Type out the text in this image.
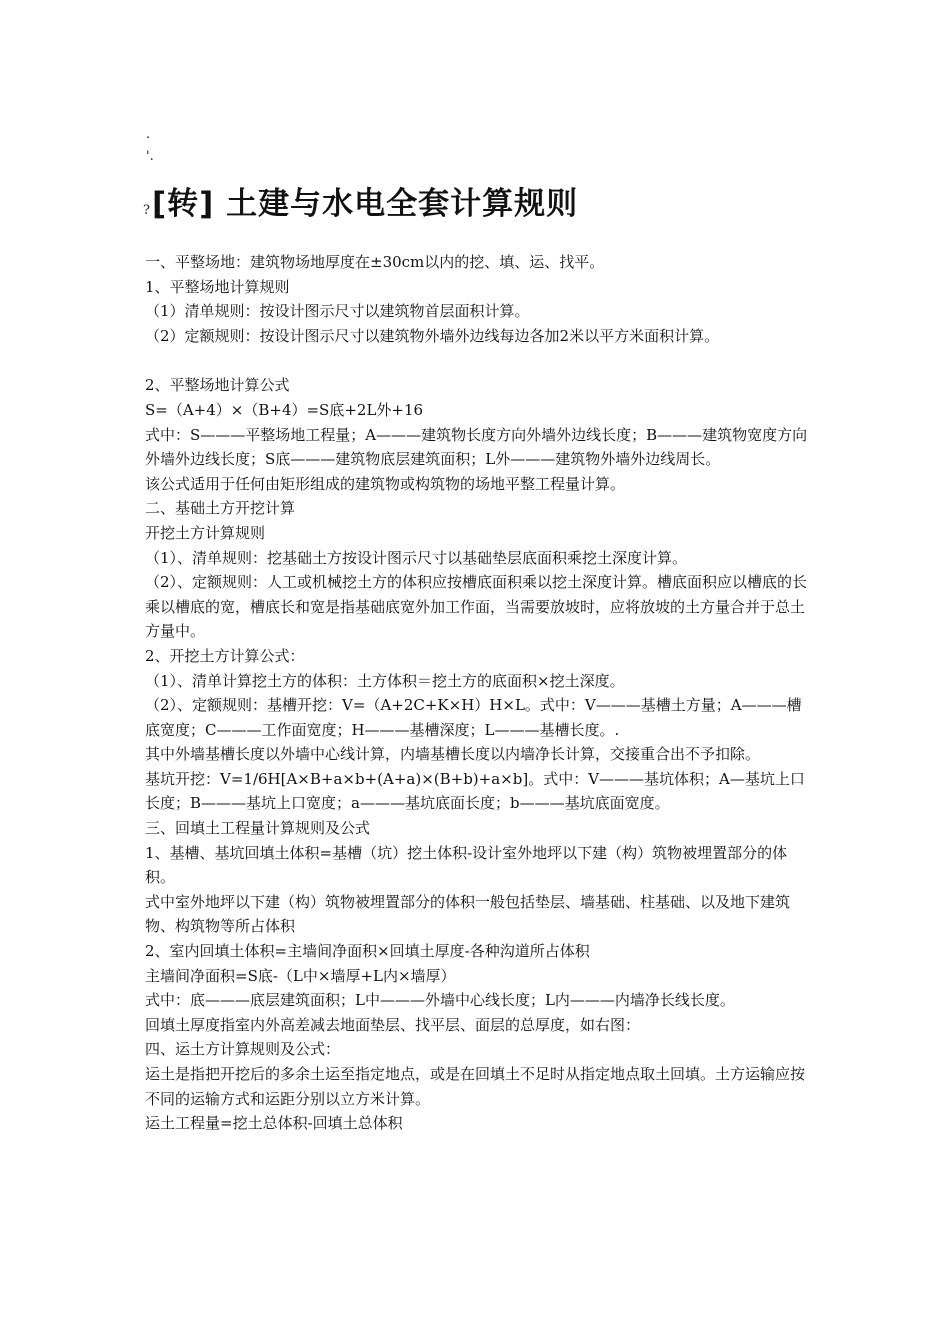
.
'.
?[转] 土建与水电全套计算规则

一、平整场地：建筑物场地厚度在±30cm以内的挖、填、运、找平。

1、平整场地计算规则

（1）清单规则：按设计图示尺寸以建筑物首层面积计算。

（2）定额规则：按设计图示尺寸以建筑物外墙外边线每边各加2米以平方米面积计算。

2、平整场地计算公式

S=（A+4）×（B+4）=S底+2L外+16

式中：S———平整场地工程量；A———建筑物长度方向外墙外边线长度；B———建筑物宽度方向外墙外边线长度；S底———建筑物底层建筑面积；L外———建筑物外墙外边线周长。

该公式适用于任何由矩形组成的建筑物或构筑物的场地平整工程量计算。

二、基础土方开挖计算

开挖土方计算规则

（1）、清单规则：挖基础土方按设计图示尺寸以基础垫层底面积乘挖土深度计算。

（2）、定额规则：人工或机械挖土方的体积应按槽底面积乘以挖土深度计算。槽底面积应以槽底的长乘以槽底的宽，槽底长和宽是指基础底宽外加工作面，当需要放坡时，应将放坡的土方量合并于总土方量中。

2、开挖土方计算公式：

（1）、清单计算挖土方的体积：土方体积＝挖土方的底面积×挖土深度。

（2）、定额规则：基槽开挖：V=（A+2C+K×H）H×L。式中：V———基槽土方量；A———槽底宽度；C———工作面宽度；H———基槽深度；L———基槽长度。.

其中外墙基槽长度以外墙中心线计算，内墙基槽长度以内墙净长计算，交接重合出不予扣除。

基坑开挖：V=1/6H[A×B+a×b+(A+a)×(B+b)+a×b]。式中：V———基坑体积；A—基坑上口长度；B———基坑上口宽度；a———基坑底面长度；b———基坑底面宽度。

三、回填土工程量计算规则及公式

1、基槽、基坑回填土体积=基槽（坑）挖土体积-设计室外地坪以下建（构）筑物被埋置部分的体积。

式中室外地坪以下建（构）筑物被埋置部分的体积一般包括垫层、墙基础、柱基础、以及地下建筑物、构筑物等所占体积

2、室内回填土体积=主墙间净面积×回填土厚度-各种沟道所占体积

主墙间净面积=S底-（L中×墙厚+L内×墙厚）

式中：底———底层建筑面积；L中———外墙中心线长度；L内———内墙净长线长度。

回填土厚度指室内外高差减去地面垫层、找平层、面层的总厚度，如右图：

四、运土方计算规则及公式：

运土是指把开挖后的多余土运至指定地点，或是在回填土不足时从指定地点取土回填。土方运输应按不同的运输方式和运距分别以立方米计算。

运土工程量=挖土总体积-回填土总体积
